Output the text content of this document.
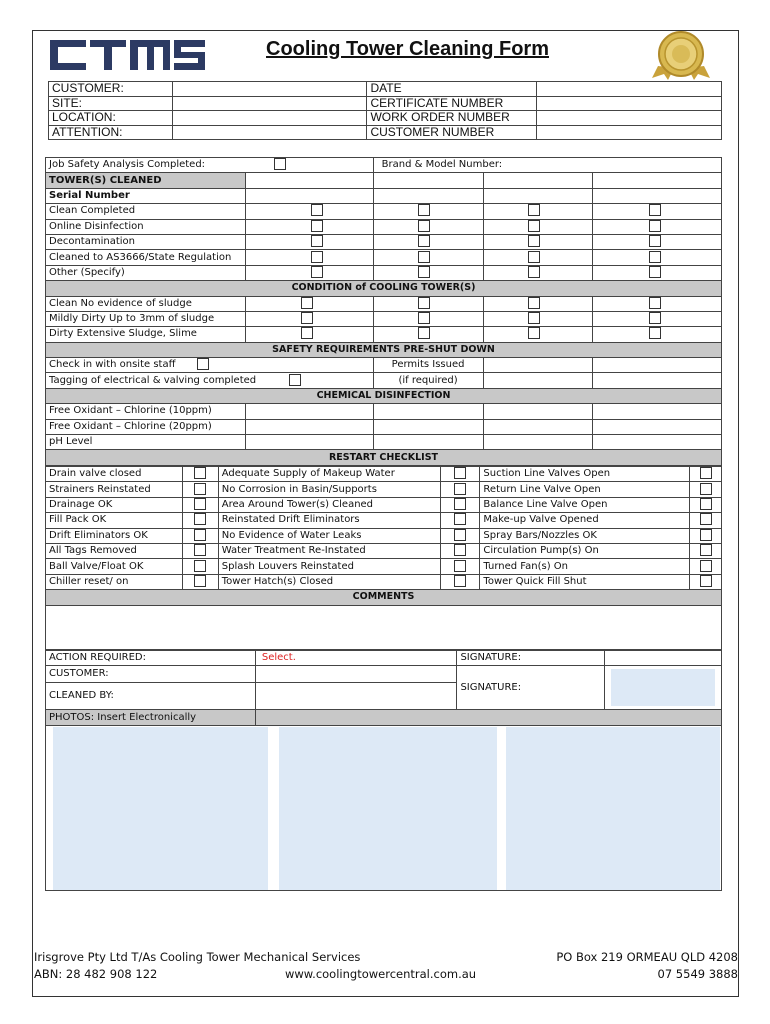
Cooling Tower Cleaning Form
CUSTOMER:		DATE	
SITE:		CERTIFICATE NUMBER	
LOCATION:		WORK ORDER NUMBER	
ATTENTION:		CUSTOMER NUMBER	
Job Safety Analysis Completed:		Brand & Model Number:		
TOWER(S) CLEANED				
Serial Number				
Clean Completed				
Online Disinfection				
Decontamination				
Cleaned to AS3666/State Regulation				
Other (Specify)				
CONDITION of COOLING TOWER(S)				
Clean No evidence of sludge				
Mildly Dirty Up to 3mm of sludge				
Dirty Extensive Sludge, Slime				
SAFETY REQUIREMENTS PRE-SHUT DOWN				
Check in with onsite staff		Permits Issued		
Tagging of electrical & valving completed		(if required)		
CHEMICAL DISINFECTION				
Free Oxidant – Chlorine (10ppm)				
Free Oxidant – Chlorine (20ppm)				
pH Level				
RESTART CHECKLIST				
Drain valve closed		Adequate Supply of Makeup Water		Suction Line Valves Open	
Strainers Reinstated		No Corrosion in Basin/Supports		Return Line Valve Open	
Drainage OK		Area Around Tower(s) Cleaned		Balance Line Valve Open	
Fill Pack OK		Reinstated Drift Eliminators		Make-up Valve Opened	
Drift Eliminators OK		No Evidence of Water Leaks		Spray Bars/Nozzles OK	
All Tags Removed		Water Treatment Re-Instated		Circulation Pump(s) On	
Ball Valve/Float OK		Splash Louvers Reinstated		Turned Fan(s) On	
Chiller reset/ on		Tower Hatch(s) Closed		Tower Quick Fill Shut	
COMMENTS					

ACTION REQUIRED:	Select.	SIGNATURE:	
CUSTOMER:		SIGNATURE:	

CLEANED BY:			
PHOTOS: Insert Electronically			
Irisgrove Pty Ltd T/As Cooling Tower Mechanical Services
ABN: 28 482 908 122	www.coolingtowercentral.com.au
PO Box 219 ORMEAU QLD 4208
07 5549 3888
